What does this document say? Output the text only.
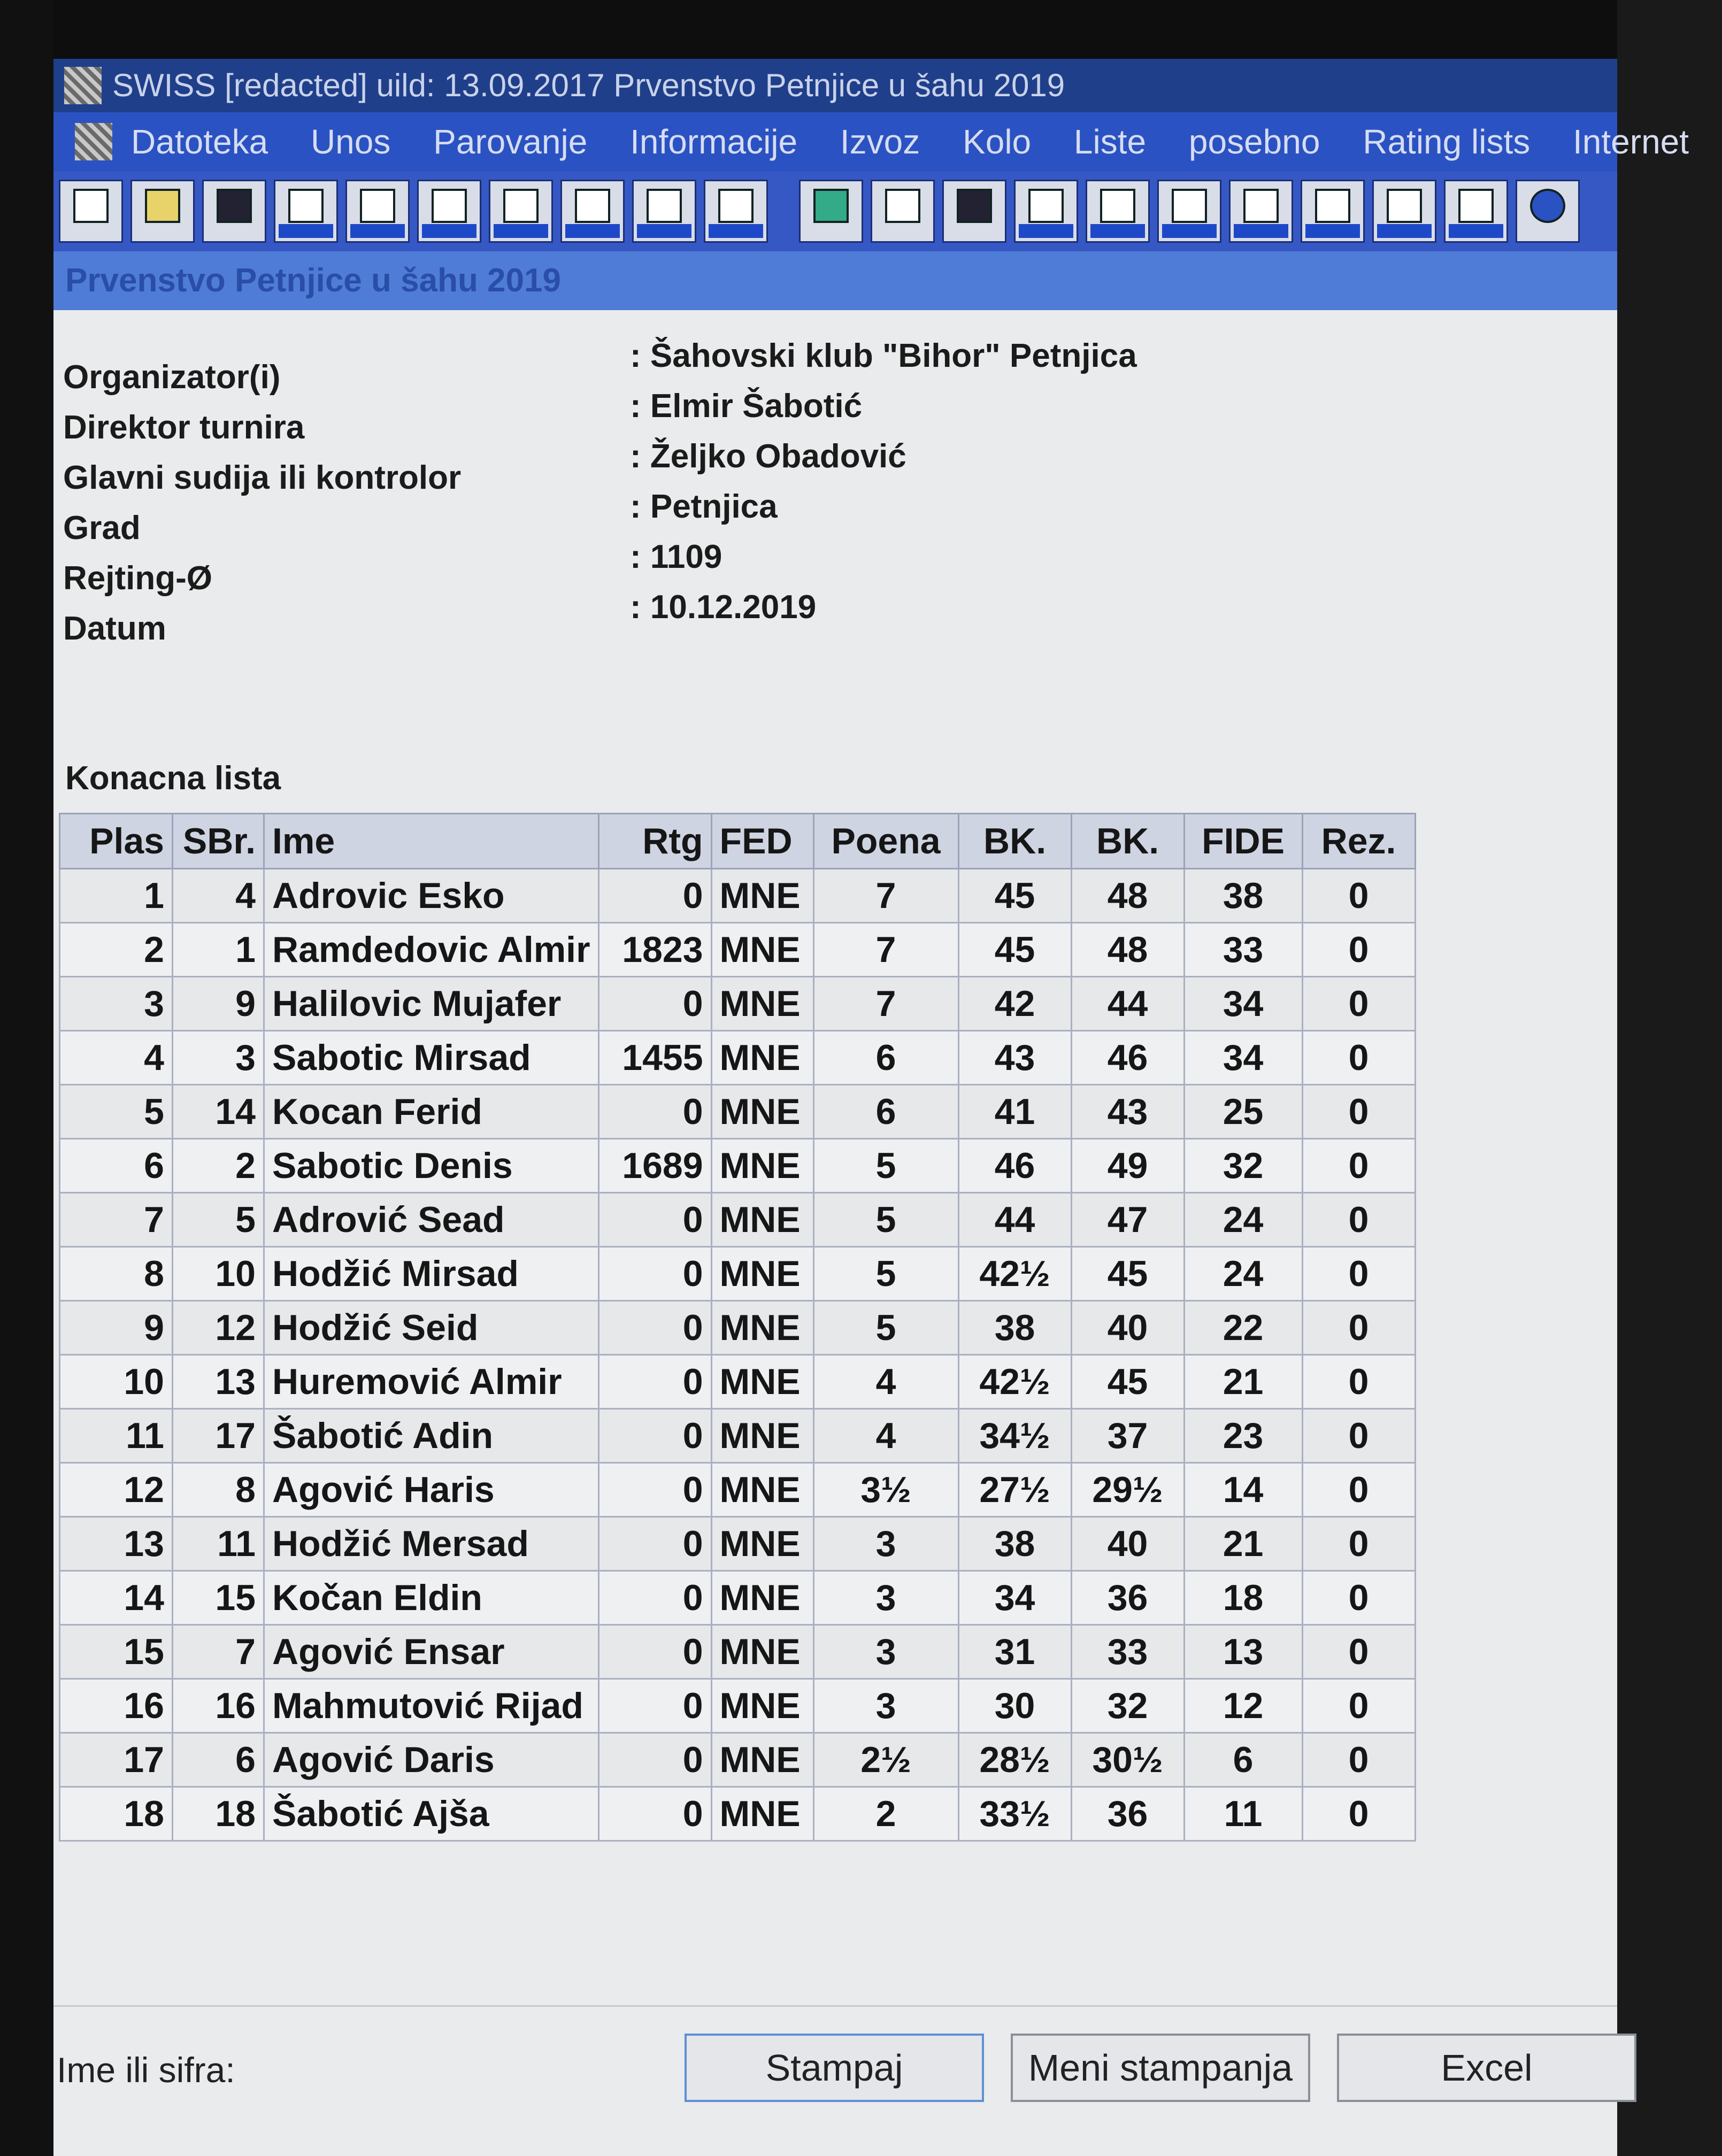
SWISS [redacted] uild: 13.09.2017 Prvenstvo Petnjice u šahu 2019
Datoteka Unos Parovanje Informacije Izvoz Kolo Liste posebno Rating lists Internet
Prvenstvo Petnjice u šahu 2019
Organizator(i)
: Šahovski klub "Bihor" Petnjica
Direktor turnira
: Elmir Šabotić
Glavni sudija ili kontrolor
: Željko Obadović
Grad
: Petnjica
Rejting-Ø
: 1109
Datum
: 10.12.2019
Konacna lista
Plas	SBr.	Ime	Rtg	FED	Poena	BK.	BK.	FIDE	Rez.
1	4	Adrovic Esko	0	MNE	7	45	48	38	0
2	1	Ramdedovic Almir	1823	MNE	7	45	48	33	0
3	9	Halilovic Mujafer	0	MNE	7	42	44	34	0
4	3	Sabotic Mirsad	1455	MNE	6	43	46	34	0
5	14	Kocan Ferid	0	MNE	6	41	43	25	0
6	2	Sabotic Denis	1689	MNE	5	46	49	32	0
7	5	Adrović Sead	0	MNE	5	44	47	24	0
8	10	Hodžić Mirsad	0	MNE	5	42½	45	24	0
9	12	Hodžić Seid	0	MNE	5	38	40	22	0
10	13	Huremović Almir	0	MNE	4	42½	45	21	0
11	17	Šabotić Adin	0	MNE	4	34½	37	23	0
12	8	Agović Haris	0	MNE	3½	27½	29½	14	0
13	11	Hodžić Mersad	0	MNE	3	38	40	21	0
14	15	Kočan Eldin	0	MNE	3	34	36	18	0
15	7	Agović Ensar	0	MNE	3	31	33	13	0
16	16	Mahmutović Rijad	0	MNE	3	30	32	12	0
17	6	Agović Daris	0	MNE	2½	28½	30½	6	0
18	18	Šabotić Ajša	0	MNE	2	33½	36	11	0
Ime ili sifra:	Stampaj	Meni stampanja	Excel
